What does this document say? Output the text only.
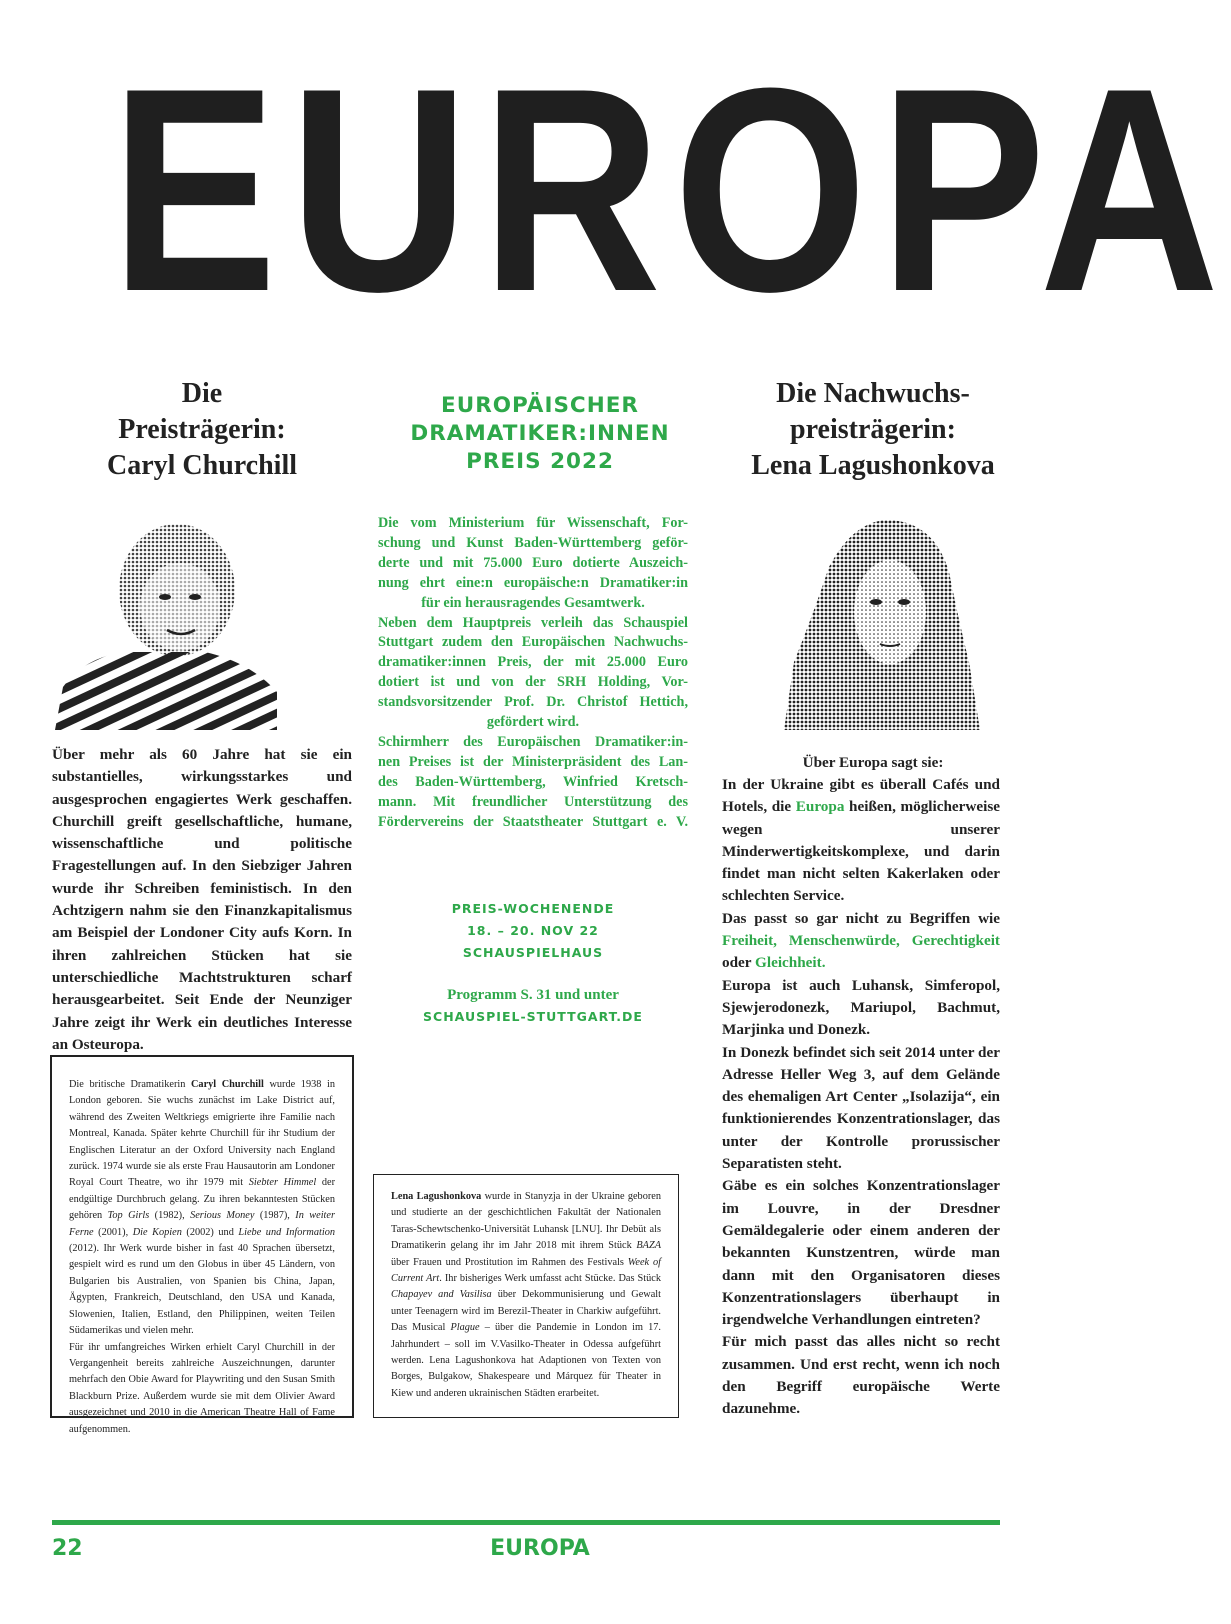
EUROPA
Die
Preisträgerin:
Caryl Churchill
Über mehr als 60 Jahre hat sie ein substantielles, wirkungsstarkes und ausgesprochen engagiertes Werk geschaffen. Churchill greift gesellschaftliche, humane, wissenschaftliche und politische Fragestellungen auf. In den Siebziger Jahren wurde ihr Schreiben feministisch. In den Achtzigern nahm sie den Finanzkapitalismus am Beispiel der Londoner City aufs Korn. In ihren zahlreichen Stücken hat sie unterschiedliche Machtstrukturen scharf herausgearbeitet. Seit Ende der Neunziger Jahre zeigt ihr Werk ein deutliches Interesse an Osteuropa.

Die britische Dramatikerin Caryl Churchill wurde 1938 in London geboren. Sie wuchs zunächst im Lake District auf, während des Zweiten Weltkriegs emigrierte ihre Familie nach Montreal, Kanada. Später kehrte Churchill für ihr Studium der Englischen Literatur an der Oxford University nach England zurück. 1974 wurde sie als erste Frau Hausautorin am Londoner Royal Court Theatre, wo ihr 1979 mit Siebter Himmel der endgültige Durchbruch gelang. Zu ihren bekanntesten Stücken gehören Top Girls (1982), Serious Money (1987), In weiter Ferne (2001), Die Kopien (2002) und Liebe und Information (2012). Ihr Werk wurde bisher in fast 40 Sprachen übersetzt, gespielt wird es rund um den Globus in über 45 Ländern, von Bulgarien bis Australien, von Spanien bis China, Japan, Ägypten, Frankreich, Deutschland, den USA und Kanada, Slowenien, Italien, Estland, den Philippinen, weiten Teilen Südamerikas und vielen mehr.

Für ihr umfangreiches Wirken erhielt Caryl Churchill in der Vergangenheit bereits zahlreiche Auszeichnungen, darunter mehrfach den Obie Award for Playwriting und den Susan Smith Blackburn Prize. Außerdem wurde sie mit dem Olivier Award ausgezeichnet und 2010 in die American Theatre Hall of Fame aufgenommen.

EUROPÄISCHER
DRAMATIKER:INNEN
PREIS 2022
Die vom Ministerium für Wissenschaft, For-
schung und Kunst Baden-Württemberg geför-
derte und mit 75.000 Euro dotierte Auszeich-
nung ehrt eine:n europäische:n Dramatiker:in
für ein herausragendes Gesamtwerk.
Neben dem Hauptpreis verleih das Schauspiel
Stuttgart zudem den Europäischen Nachwuchs-
dramatiker:innen Preis, der mit 25.000 Euro
dotiert ist und von der SRH Holding, Vor-
standsvorsitzender Prof. Dr. Christof Hettich,
gefördert wird.
Schirmherr des Europäischen Dramatiker:in-
nen Preises ist der Ministerpräsident des Lan-
des Baden-Württemberg, Winfried Kretsch-
mann. Mit freundlicher Unterstützung des
Fördervereins der Staatstheater Stuttgart e. V.
PREIS-WOCHENENDE
18. – 20. NOV 22
SCHAUSPIELHAUS
Programm S. 31 und unter
SCHAUSPIEL-STUTTGART.DE

Lena Lagushonkova wurde in Stanyzja in der Ukraine geboren und studierte an der geschichtlichen Fakultät der Nationalen Taras-Schewtschenko-Universität Luhansk [LNU]. Ihr Debüt als Dramatikerin gelang ihr im Jahr 2018 mit ihrem Stück BAZA über Frauen und Prostitution im Rahmen des Festivals Week of Current Art. Ihr bisheriges Werk umfasst acht Stücke. Das Stück Chapayev and Vasilisa über Dekommunisierung und Gewalt unter Teenagern wird im Berezil-Theater in Charkiw aufgeführt. Das Musical Plague – über die Pandemie in London im 17. Jahrhundert – soll im V.Vasilko-Theater in Odessa aufgeführt werden. Lena Lagushonkova hat Adaptionen von Texten von Borges, Bulgakow, Shakespeare und Márquez für Theater in Kiew und anderen ukrainischen Städten erarbeitet.

Die Nachwuchs-
preisträgerin:
Lena Lagushonkova
Über Europa sagt sie:

In der Ukraine gibt es überall Cafés und Hotels, die Europa heißen, möglicherweise wegen unserer Minderwertigkeitskomplexe, und darin findet man nicht selten Kakerlaken oder schlechten Service.

Das passt so gar nicht zu Begriffen wie Freiheit, Menschenwürde, Gerechtigkeit oder Gleichheit.

Europa ist auch Luhansk, Simferopol, Sjewjerodonezk, Mariupol, Bachmut, Marjinka und Donezk.

In Donezk befindet sich seit 2014 unter der Adresse Heller Weg 3, auf dem Gelände des ehemaligen Art Center „Isolazija“, ein funktionierendes Konzentrationslager, das unter der Kontrolle prorussischer Separatisten steht.

Gäbe es ein solches Konzentrationslager im Louvre, in der Dresdner Gemäldegalerie oder einem anderen der bekannten Kunstzentren, würde man dann mit den Organisatoren dieses Konzentrationslagers überhaupt in irgendwelche Verhandlungen eintreten?

Für mich passt das alles nicht so recht zusammen. Und erst recht, wenn ich noch den Begriff europäische Werte dazunehme.

22	EUROPA
